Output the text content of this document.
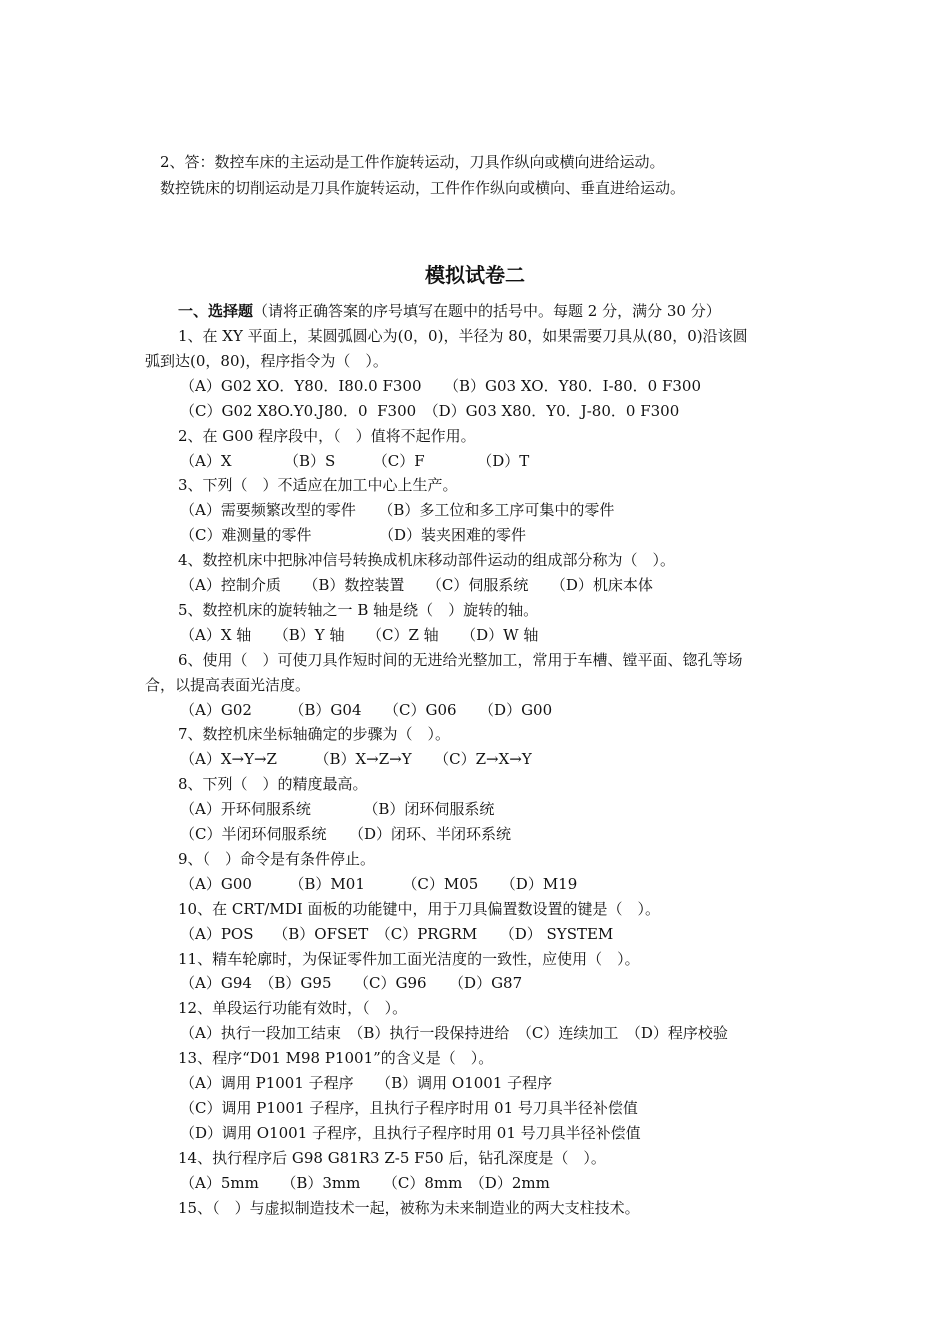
2、答：数控车床的主运动是工件作旋转运动，刀具作纵向或横向进给运动。
数控铣床的切削运动是刀具作旋转运动，工件作作纵向或横向、垂直进给运动。
模拟试卷二
一、选择题（请将正确答案的序号填写在题中的括号中。每题 2 分，满分 30 分）
1、在 XY 平面上，某圆弧圆心为(0，0)，半径为 80，如果需要刀具从(80，0)沿该圆
弧到达(0，80)，程序指令为（　）。
（A）G02 XO．Y80．I80.0 F300　　（B）G03 XO．Y80．I-80．0 F300
（C）G02 X8O.Y0.J80．0  F300　（D）G03 X80．Y0．J-80．0 F300
2、在 G00 程序段中，（　）值将不起作用。
（A）X　　　　（B）S　　　（C）F　　　　（D）T
3、下列（　）不适应在加工中心上生产。
（A）需要频繁改型的零件　　（B）多工位和多工序可集中的零件
（C）难测量的零件　　　　　（D）装夹困难的零件
4、数控机床中把脉冲信号转换成机床移动部件运动的组成部分称为（　）。
（A）控制介质　　（B）数控装置　　（C）伺服系统　　（D）机床本体
5、数控机床的旋转轴之一 B 轴是绕（　）旋转的轴。
（A）X 轴　　（B）Y 轴　　（C）Z 轴　　（D）W 轴
6、使用（　）可使刀具作短时间的无进给光整加工，常用于车槽、镗平面、锪孔等场
合，以提高表面光洁度。
（A）G02　　　（B）G04　　（C）G06　　（D）G00
7、数控机床坐标轴确定的步骤为（　）。
（A）X→Y→Z　　　（B）X→Z→Y　　（C）Z→X→Y
8、下列（　）的精度最高。
（A）开环伺服系统　　　　（B）闭环伺服系统
（C）半闭环伺服系统　　（D）闭环、半闭环系统
9、（　）命令是有条件停止。
（A）G00　　　（B）M01　　　（C）M05　　（D）M19
10、在 CRT/MDI 面板的功能键中，用于刀具偏置数设置的键是（　）。
（A）POS　 （B）OFSET　（C）PRGRM　　（D） SYSTEM
11、精车轮廓时，为保证零件加工面光洁度的一致性，应使用（　）。
（A）G94　（B）G95　　（C）G96　　（D）G87
12、单段运行功能有效时，（　）。
（A）执行一段加工结束　（B）执行一段保持进给　（C）连续加工　（D）程序校验
13、程序“D01 M98 P1001”的含义是（　）。
（A）调用 P1001 子程序　　（B）调用 O1001 子程序
（C）调用 P1001 子程序，且执行子程序时用 01 号刀具半径补偿值
（D）调用 O1001 子程序，且执行子程序时用 01 号刀具半径补偿值
14、执行程序后 G98 G81R3 Z-5 F50 后，钻孔深度是（　）。
（A）5mm　　（B）3mm　　（C）8mm　（D）2mm
15、（　）与虚拟制造技术一起，被称为未来制造业的两大支柱技术。
